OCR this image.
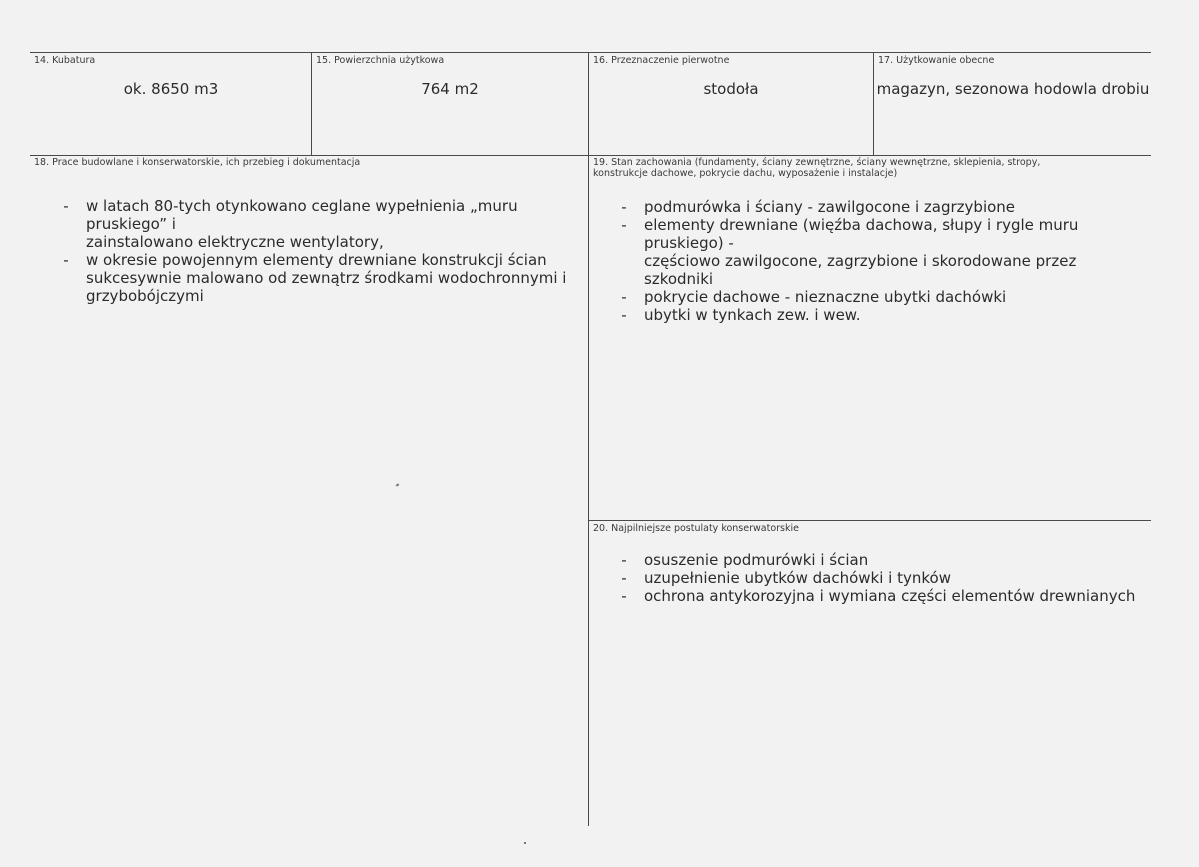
14. Kubatura
ok. 8650 m3
15. Powierzchnia użytkowa
764 m2
16. Przeznaczenie pierwotne
stodoła
17. Użytkowanie obecne
magazyn, sezonowa hodowla drobiu
18. Prace budowlane i konserwatorskie, ich przebieg i dokumentacja
- w latach 80-tych otynkowano ceglane wypełnienia „muru pruskiego” i
zainstalowano elektryczne wentylatory,
- w okresie powojennym elementy drewniane konstrukcji ścian
sukcesywnie malowano od zewnątrz środkami wodochronnymi i
grzybobójczymi
19. Stan zachowania (fundamenty, ściany zewnętrzne, ściany wewnętrzne, sklepienia, stropy,
konstrukcje dachowe, pokrycie dachu, wyposażenie i instalacje)
- podmurówka i ściany - zawilgocone i zagrzybione
- elementy drewniane (więźba dachowa, słupy i rygle muru pruskiego) -
częściowo zawilgocone, zagrzybione i skorodowane przez szkodniki
- pokrycie dachowe - nieznaczne ubytki dachówki
- ubytki w tynkach zew. i wew.
20. Najpilniejsze postulaty konserwatorskie
- osuszenie podmurówki i ścian
- uzupełnienie ubytków dachówki i tynków
- ochrona antykorozyjna i wymiana części elementów drewnianych
